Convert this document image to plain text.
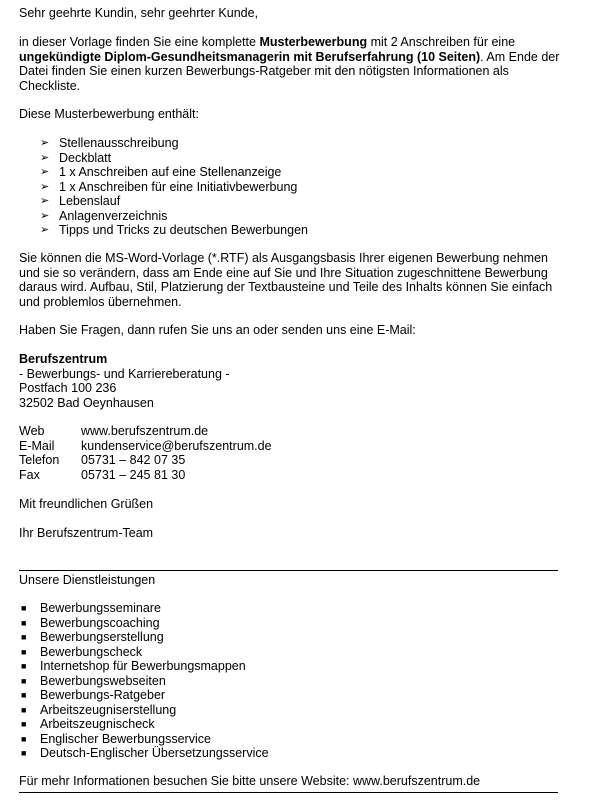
Sehr geehrte Kundin, sehr geehrter Kunde,

in dieser Vorlage finden Sie eine komplette Musterbewerbung mit 2 Anschreiben für eine ungekündigte Diplom-Gesundheitsmanagerin mit Berufserfahrung (10 Seiten). Am Ende der Datei finden Sie einen kurzen Bewerbungs-Ratgeber mit den nötigsten Informationen als Checkliste.

Diese Musterbewerbung enthält:

➢ Stellenausschreibung
➢ Deckblatt
➢ 1 x Anschreiben auf eine Stellenanzeige
➢ 1 x Anschreiben für eine Initiativbewerbung
➢ Lebenslauf
➢ Anlagenverzeichnis
➢ Tipps und Tricks zu deutschen Bewerbungen

Sie können die MS-Word-Vorlage (*.RTF) als Ausgangsbasis Ihrer eigenen Bewerbung nehmen und sie so verändern, dass am Ende eine auf Sie und Ihre Situation zugeschnittene Bewerbung daraus wird. Aufbau, Stil, Platzierung der Textbausteine und Teile des Inhalts können Sie einfach und problemlos übernehmen.

Haben Sie Fragen, dann rufen Sie uns an oder senden uns eine E-Mail:

Berufszentrum
- Bewerbungs- und Karriereberatung -
Postfach 100 236
32502 Bad Oeynhausen
Web	www.berufszentrum.de
E-Mail	kundenservice@berufszentrum.de
Telefon	05731 – 842 07 35
Fax	05731 – 245 81 30

Mit freundlichen Grüßen

Ihr Berufszentrum-Team

Unsere Dienstleistungen

■	Bewerbungsseminare
■	Bewerbungscoaching
■	Bewerbungserstellung
■	Bewerbungscheck
■	Internetshop für Bewerbungsmappen
■	Bewerbungswebseiten
■	Bewerbungs-Ratgeber
■	Arbeitszeugniserstellung
■	Arbeitszeugnischeck
■	Englischer Bewerbungsservice
■	Deutsch-Englischer Übersetzungsservice

Für mehr Informationen besuchen Sie bitte unsere Website: www.berufszentrum.de
